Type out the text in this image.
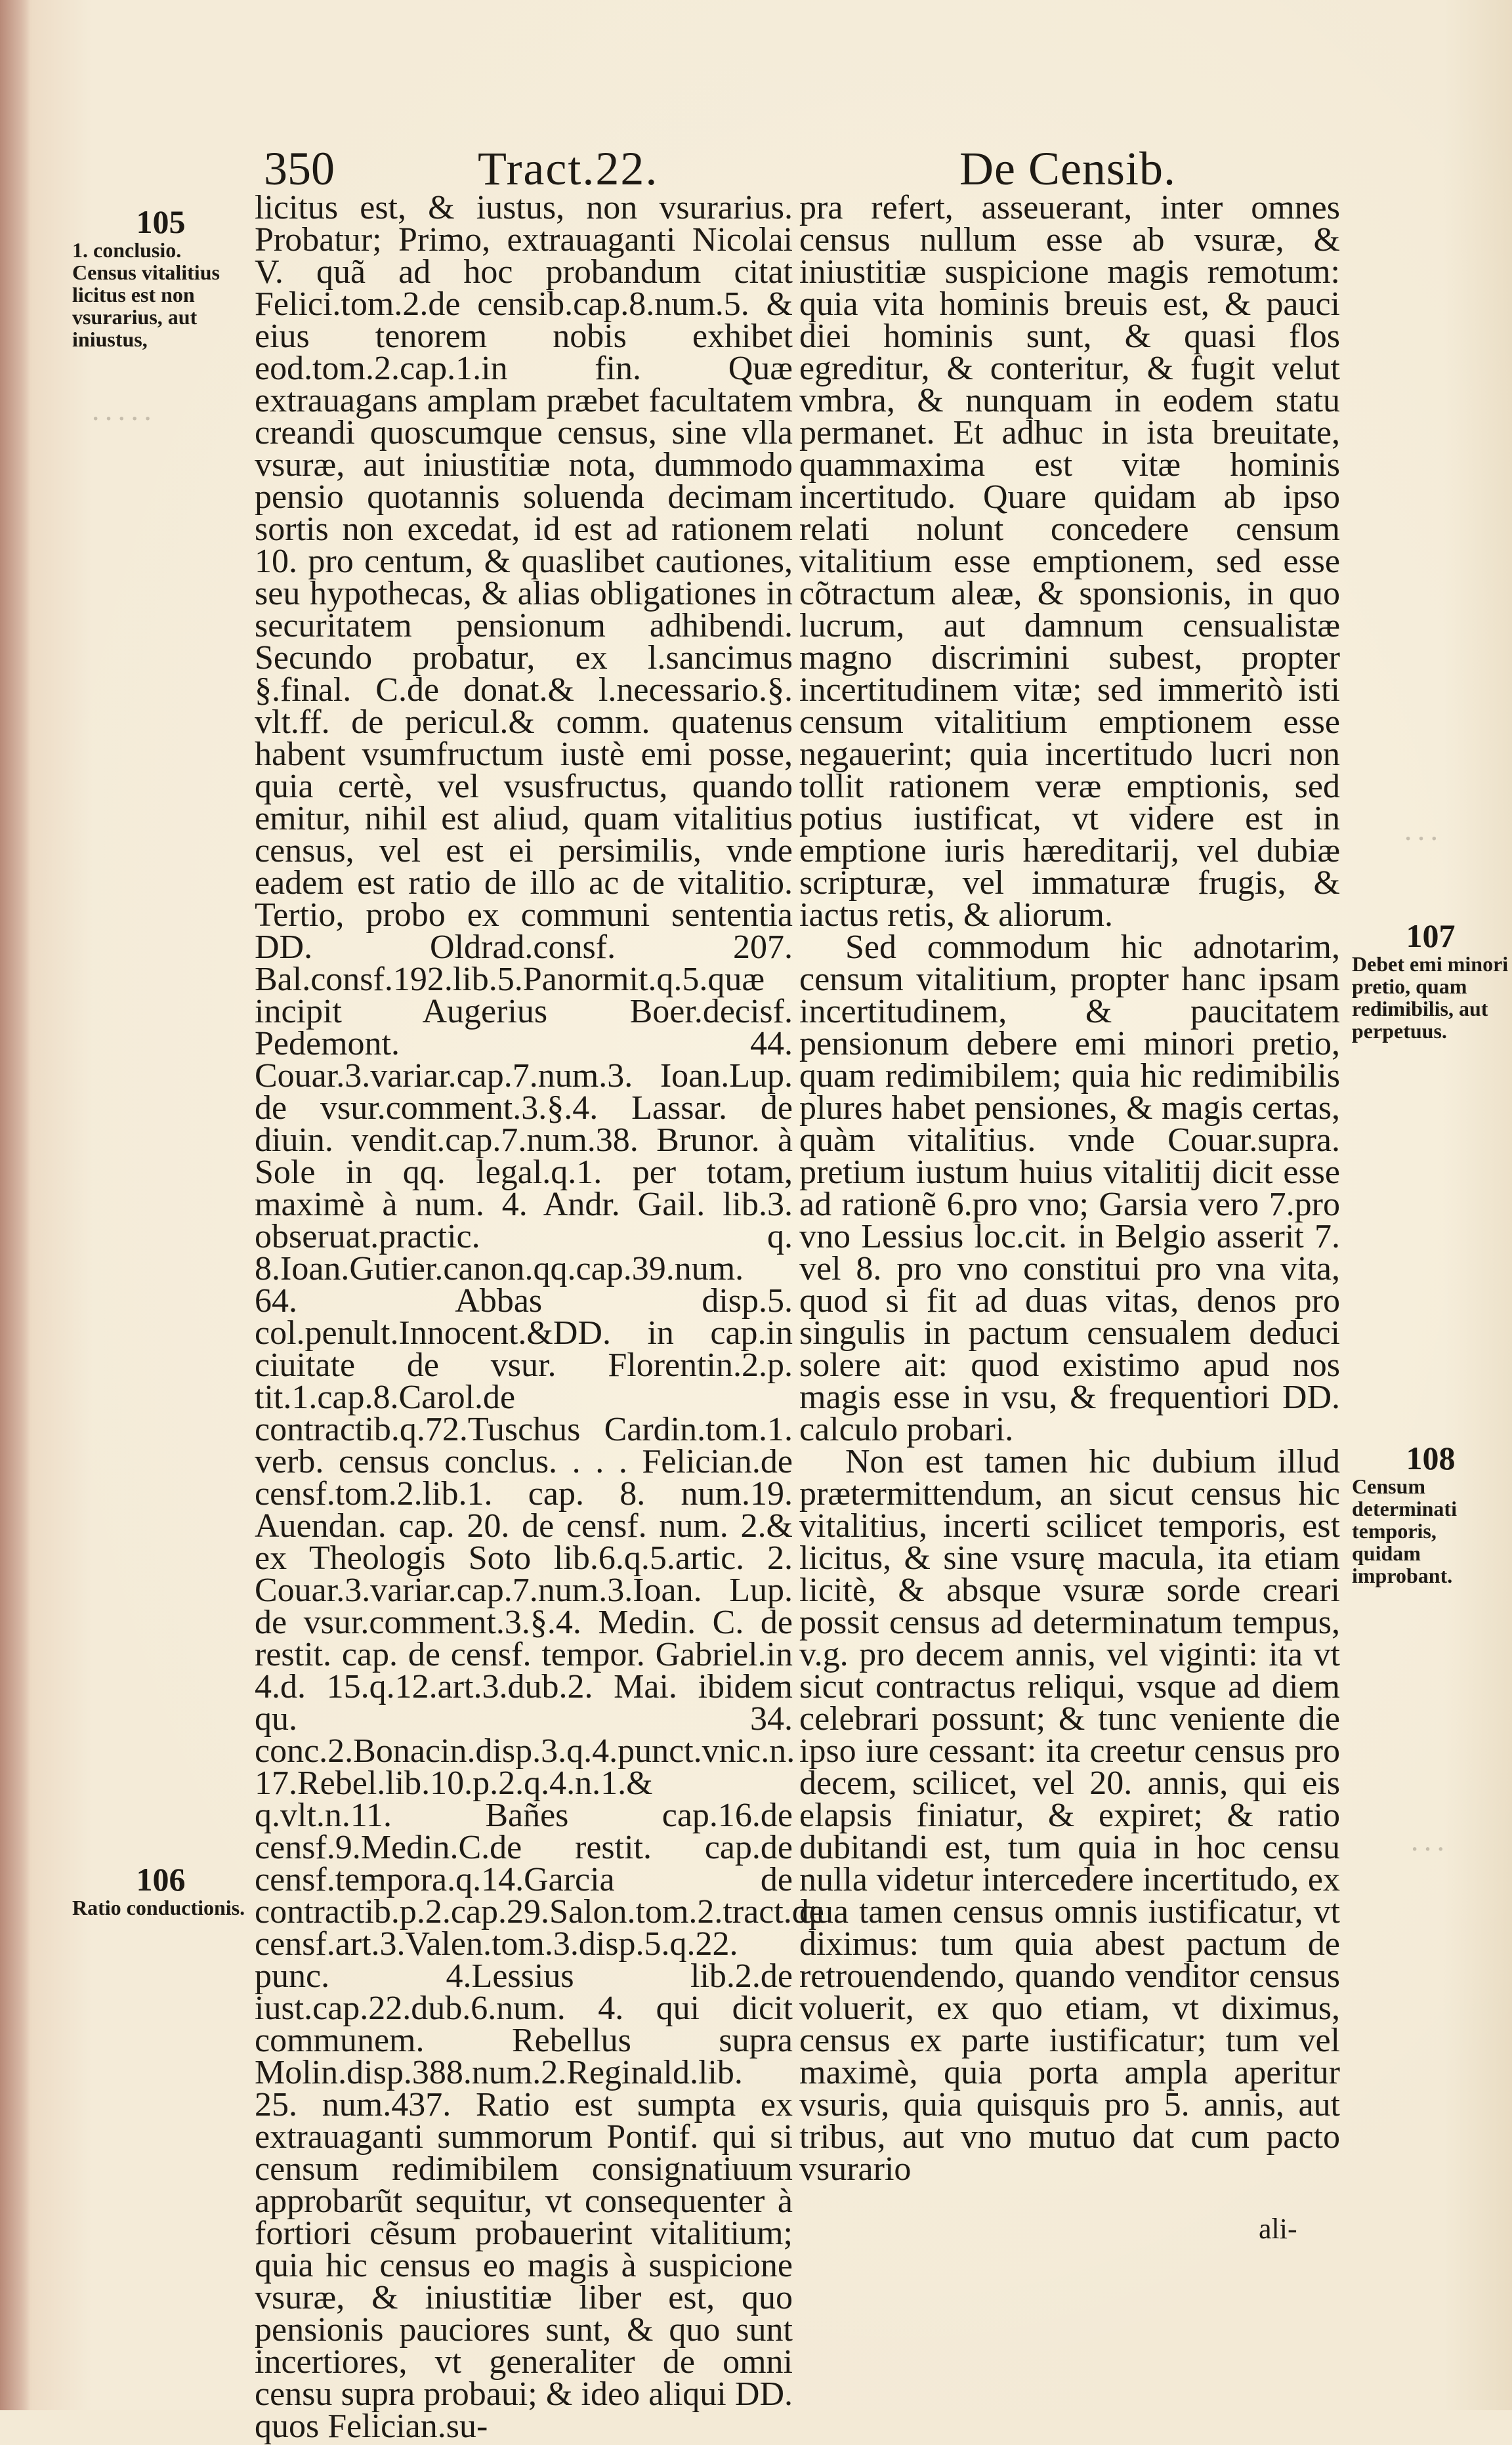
350	Tract.22.	De Censib.
105
1. conclusio. Census vitalitius licitus est non vsurarius, aut iniustus,
106
Ratio conductionis.
· · · · ·
· · ·
· · ·

licitus est, & iustus, non vsurarius. Probatur; Primo, extrauaganti Nicolai V. quã ad hoc probandum citat Felici.tom.2.de censib.cap.8.num.5. & eius tenorem nobis exhibet eod.tom.2.cap.1.in fin. Quæ extrauagans amplam præbet facultatem creandi quoscumque census, sine vlla vsuræ, aut iniustitiæ nota, dummodo pensio quotannis soluenda decimam sortis non excedat, id est ad rationem 10. pro centum, & quaslibet cautiones, seu hypothecas, & alias obligationes in securitatem pensionum adhibendi. Secundo probatur, ex l.sancimus §.final. C.de donat.& l.necessario.§. vlt.ff. de pericul.& comm. quatenus habent vsumfructum iustè emi posse, quia certè, vel vsusfructus, quando emitur, nihil est aliud, quam vitalitius census, vel est ei persimilis, vnde eadem est ratio de illo ac de vitalitio. Tertio, probo ex communi sententia DD. Oldrad.consf. 207. Bal.consf.192.lib.5.Panormit.q.5.quæ incipit Augerius Boer.decisf. Pedemont. 44. Couar.3.variar.cap.7.num.3. Ioan.Lup. de vsur.comment.3.§.4. Lassar. de diuin. vendit.cap.7.num.38. Brunor. à Sole in qq. legal.q.1. per totam, maximè à num. 4. Andr. Gail. lib.3. obseruat.practic. q. 8.Ioan.Gutier.canon.qq.cap.39.num. 64. Abbas disp.5. col.penult.Innocent.&DD. in cap.in ciuitate de vsur. Florentin.2.p. tit.1.cap.8.Carol.de contractib.q.72.Tuschus Cardin.tom.1. verb. census conclus. . . . Felician.de censf.tom.2.lib.1. cap. 8. num.19. Auendan. cap. 20. de censf. num. 2.& ex Theologis Soto lib.6.q.5.artic. 2. Couar.3.variar.cap.7.num.3.Ioan. Lup. de vsur.comment.3.§.4. Medin. C. de restit. cap. de censf. tempor. Gabriel.in 4.d. 15.q.12.art.3.dub.2. Mai. ibidem qu. 34. conc.2.Bonacin.disp.3.q.4.punct.vnic.n. 17.Rebel.lib.10.p.2.q.4.n.1.& q.vlt.n.11. Bañes cap.16.de censf.9.Medin.C.de restit. cap.de censf.tempora.q.14.Garcia de contractib.p.2.cap.29.Salon.tom.2.tract.de censf.art.3.Valen.tom.3.disp.5.q.22. punc. 4.Lessius lib.2.de iust.cap.22.dub.6.num. 4. qui dicit communem. Rebellus supra Molin.disp.388.num.2.Reginald.lib. 25. num.437. Ratio est sumpta ex extrauaganti summorum Pontif. qui si censum redimibilem consignatiuum approbarũt sequitur, vt consequenter à fortiori cẽsum probauerint vitalitium; quia hic census eo magis à suspicione vsuræ, & iniustitiæ liber est, quo pensionis pauciores sunt, & quo sunt incertiores, vt generaliter de omni censu supra probaui; & ideo aliqui DD. quos Felician.su-

pra refert, asseuerant, inter omnes census nullum esse ab vsuræ, & iniustitiæ suspicione magis remotum: quia vita hominis breuis est, & pauci diei hominis sunt, & quasi flos egreditur, & conteritur, & fugit velut vmbra, & nunquam in eodem statu permanet. Et adhuc in ista breuitate, quammaxima est vitæ hominis incertitudo. Quare quidam ab ipso relati nolunt concedere censum vitalitium esse emptionem, sed esse cõtractum aleæ, & sponsionis, in quo lucrum, aut damnum censualistæ magno discrimini subest, propter incertitudinem vitæ; sed immeritò isti censum vitalitium emptionem esse negauerint; quia incertitudo lucri non tollit rationem veræ emptionis, sed potius iustificat, vt videre est in emptione iuris hæreditarij, vel dubiæ scripturæ, vel immaturæ frugis, & iactus retis, & aliorum.

Sed commodum hic adnotarim, censum vitalitium, propter hanc ipsam incertitudinem, & paucitatem pensionum debere emi minori pretio, quam redimibilem; quia hic redimibilis plures habet pensiones, & magis certas, quàm vitalitius. vnde Couar.supra. pretium iustum huius vitalitij dicit esse ad rationẽ 6.pro vno; Garsia vero 7.pro vno Lessius loc.cit. in Belgio asserit 7. vel 8. pro vno constitui pro vna vita, quod si fit ad duas vitas, denos pro singulis in pactum censualem deduci solere ait: quod existimo apud nos magis esse in vsu, & frequentiori DD. calculo probari.

Non est tamen hic dubium illud prætermittendum, an sicut census hic vitalitius, incerti scilicet temporis, est licitus, & sine vsurę macula, ita etiam licitè, & absque vsuræ sorde creari possit census ad determinatum tempus, v.g. pro decem annis, vel viginti: ita vt sicut contractus reliqui, vsque ad diem celebrari possunt; & tunc veniente die ipso iure cessant: ita creetur census pro decem, scilicet, vel 20. annis, qui eis elapsis finiatur, & expiret; & ratio dubitandi est, tum quia in hoc censu nulla videtur intercedere incertitudo, ex qua tamen census omnis iustificatur, vt diximus: tum quia abest pactum de retrouendendo, quando venditor census voluerit, ex quo etiam, vt diximus, census ex parte iustificatur; tum vel maximè, quia porta ampla aperitur vsuris, quia quisquis pro 5. annis, aut tribus, aut vno mutuo dat cum pacto vsurario

107
Debet emi minori pretio, quam redimibilis, aut perpetuus.
108
Censum determinati temporis, quidam improbant.
ali-
